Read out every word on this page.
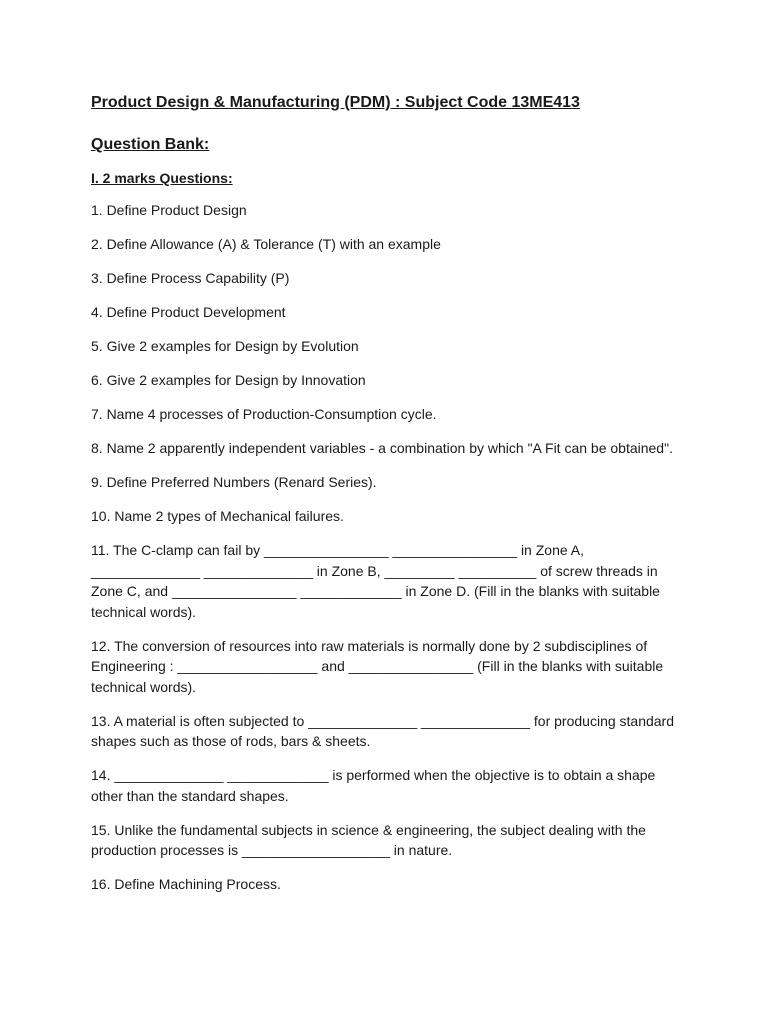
Product Design & Manufacturing (PDM) : Subject Code 13ME413
Question Bank:
I. 2 marks Questions:
1. Define Product Design
2. Define Allowance (A) & Tolerance (T) with an example
3. Define Process Capability (P)
4. Define Product Development
5. Give 2 examples for Design by Evolution
6. Give 2 examples for Design by Innovation
7. Name 4 processes of Production-Consumption cycle.
8. Name 2 apparently independent variables - a combination by which "A Fit can be obtained".
9. Define Preferred Numbers (Renard Series).
10. Name 2 types of Mechanical failures.
11. The C-clamp can fail by ________________ ________________ in Zone A, ______________ ______________ in Zone B, _________ __________ of screw threads in Zone C, and ________________ _____________ in Zone D. (Fill in the blanks with suitable technical words).
12. The conversion of resources into raw materials is normally done by 2 subdisciplines of Engineering : __________________ and ________________ (Fill in the blanks with suitable technical words).
13. A material is often subjected to ______________ ______________ for producing standard shapes such as those of rods, bars & sheets.
14. ______________ _____________ is performed when the objective is to obtain a shape other than the standard shapes.
15. Unlike the fundamental subjects in science & engineering, the subject dealing with the production processes is ___________________ in nature.
16. Define Machining Process.
